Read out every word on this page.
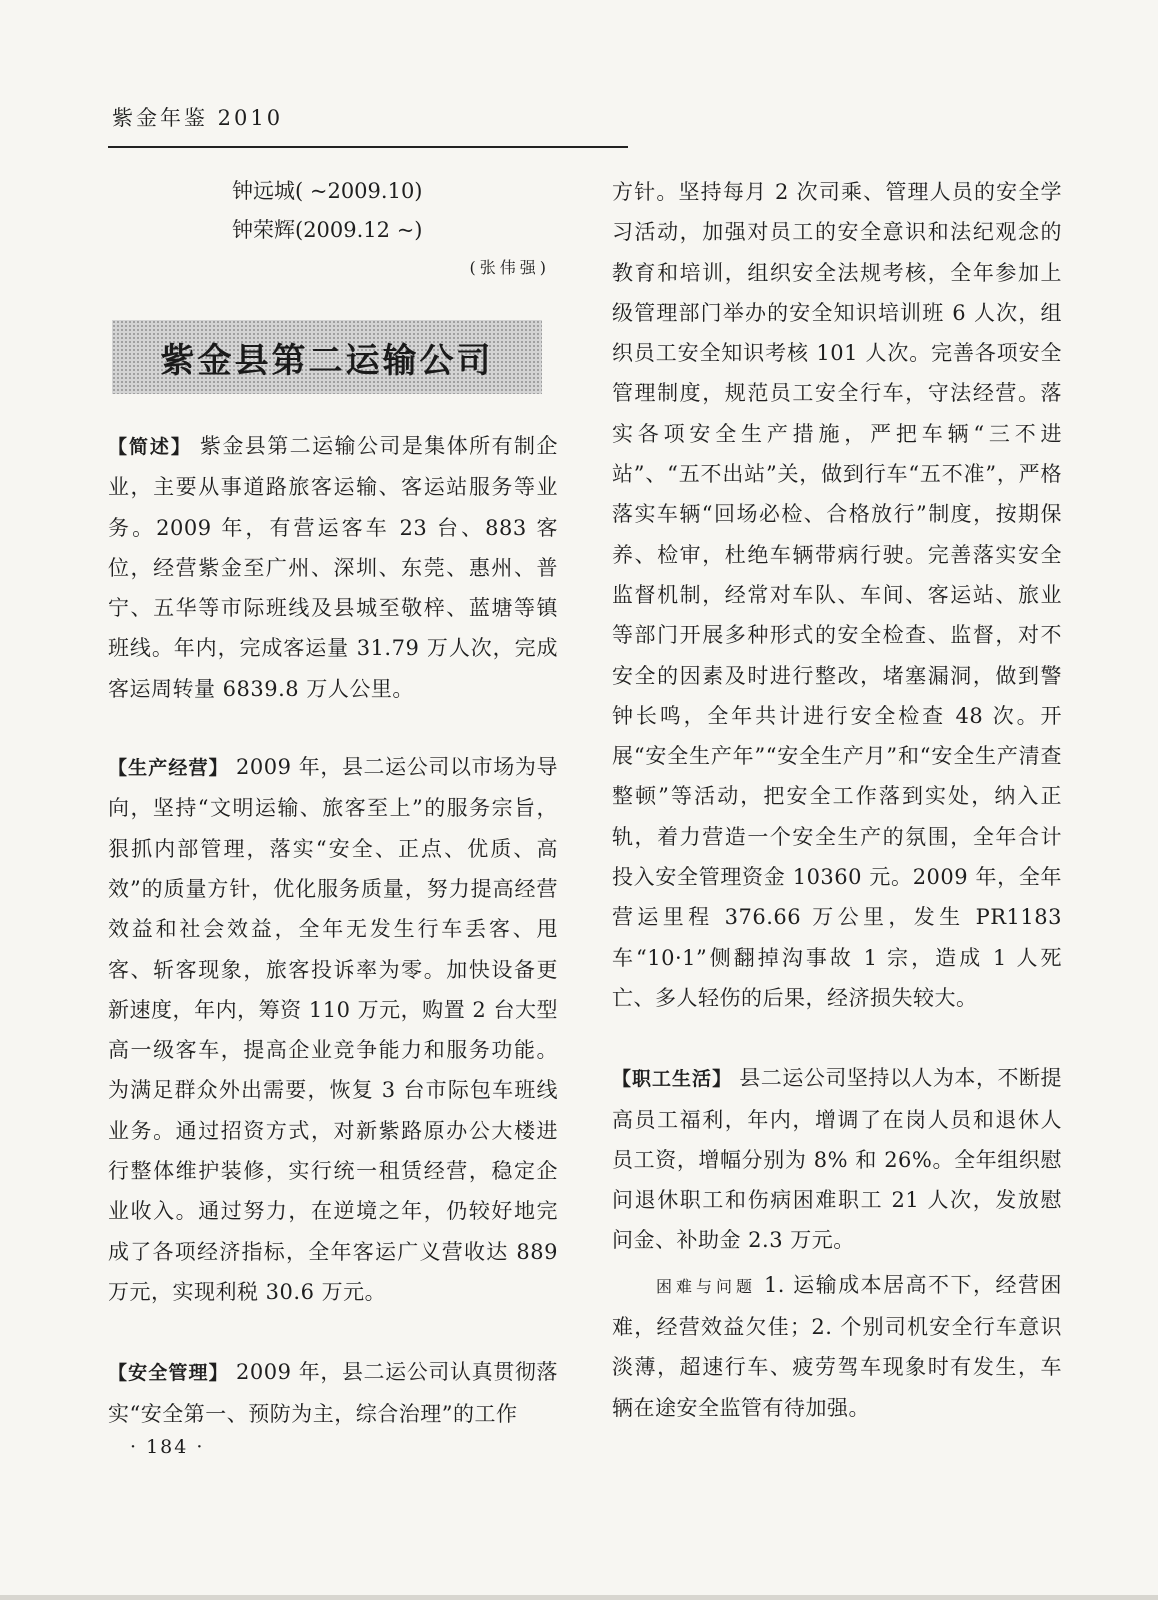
紫金年鉴 2010
钟远城( ~2009.10)
钟荣辉(2009.12 ~)
(张伟强)
紫金县第二运输公司

【简述】 紫金县第二运输公司是集体所有制企业，主要从事道路旅客运输、客运站服务等业务。2009 年，有营运客车 23 台、883 客位，经营紫金至广州、深圳、东莞、惠州、普宁、五华等市际班线及县城至敬梓、蓝塘等镇班线。年内，完成客运量 31.79 万人次，完成客运周转量 6839.8 万人公里。

【生产经营】 2009 年，县二运公司以市场为导向，坚持“文明运输、旅客至上”的服务宗旨，狠抓内部管理，落实“安全、正点、优质、高效”的质量方针，优化服务质量，努力提高经营效益和社会效益，全年无发生行车丢客、甩客、斩客现象，旅客投诉率为零。加快设备更新速度，年内，筹资 110 万元，购置 2 台大型高一级客车，提高企业竞争能力和服务功能。为满足群众外出需要，恢复 3 台市际包车班线业务。通过招资方式，对新紫路原办公大楼进行整体维护装修，实行统一租赁经营，稳定企业收入。通过努力，在逆境之年，仍较好地完成了各项经济指标，全年客运广义营收达 889 万元，实现利税 30.6 万元。

【安全管理】 2009 年，县二运公司认真贯彻落实“安全第一、预防为主，综合治理”的工作

方针。坚持每月 2 次司乘、管理人员的安全学习活动，加强对员工的安全意识和法纪观念的教育和培训，组织安全法规考核，全年参加上级管理部门举办的安全知识培训班 6 人次，组织员工安全知识考核 101 人次。完善各项安全管理制度，规范员工安全行车，守法经营。落实各项安全生产措施，严把车辆“三不进站”、“五不出站”关，做到行车“五不准”，严格落实车辆“回场必检、合格放行”制度，按期保养、检审，杜绝车辆带病行驶。完善落实安全监督机制，经常对车队、车间、客运站、旅业等部门开展多种形式的安全检查、监督，对不安全的因素及时进行整改，堵塞漏洞，做到警钟长鸣，全年共计进行安全检查 48 次。开展“安全生产年”“安全生产月”和“安全生产清查整顿”等活动，把安全工作落到实处，纳入正轨，着力营造一个安全生产的氛围，全年合计投入安全管理资金 10360 元。2009 年，全年营运里程 376.66 万公里，发生 PR1183 车“10·1”侧翻掉沟事故 1 宗，造成 1 人死亡、多人轻伤的后果，经济损失较大。

【职工生活】 县二运公司坚持以人为本，不断提高员工福利，年内，增调了在岗人员和退休人员工资，增幅分别为 8% 和 26%。全年组织慰问退休职工和伤病困难职工 21 人次，发放慰问金、补助金 2.3 万元。

困难与问题 1. 运输成本居高不下，经营困难，经营效益欠佳；2. 个别司机安全行车意识淡薄，超速行车、疲劳驾车现象时有发生，车辆在途安全监管有待加强。

· 184 ·
